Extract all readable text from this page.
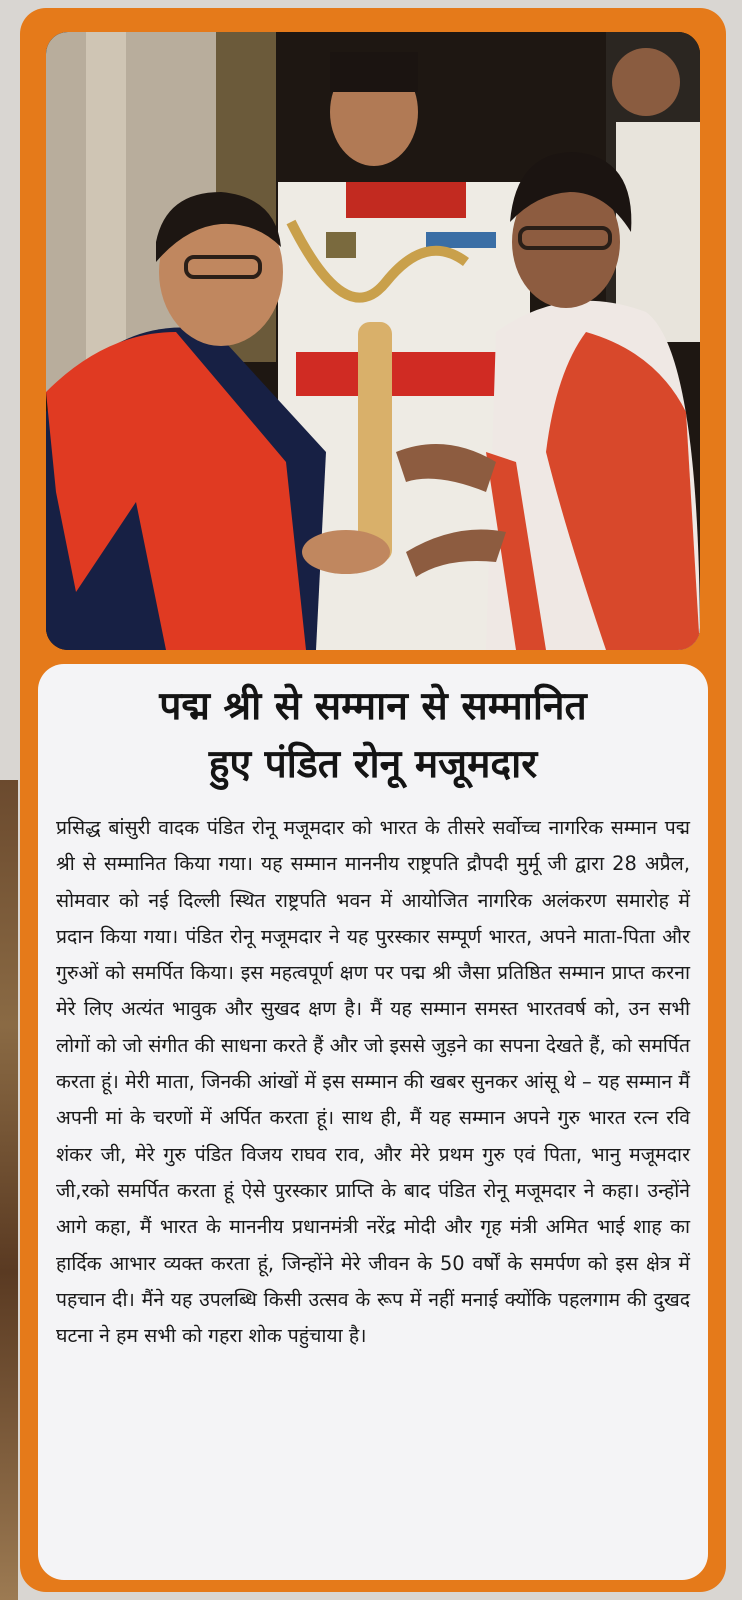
पद्म श्री से सम्मान से सम्मानित
हुए पंडित रोनू मजूमदार

प्रसिद्ध बांसुरी वादक पंडित रोनू मजूमदार को भारत के तीसरे सर्वोच्च नागरिक सम्मान पद्म श्री से सम्मानित किया गया। यह सम्मान माननीय राष्ट्रपति द्रौपदी मुर्मू जी द्वारा 28 अप्रैल, सोमवार को नई दिल्ली स्थित राष्ट्रपति भवन में आयोजित नागरिक अलंकरण समारोह में प्रदान किया गया। पंडित रोनू मजूमदार ने यह पुरस्कार सम्पूर्ण भारत, अपने माता-पिता और गुरुओं को समर्पित किया। इस महत्वपूर्ण क्षण पर पद्म श्री जैसा प्रतिष्ठित सम्मान प्राप्त करना मेरे लिए अत्यंत भावुक और सुखद क्षण है। मैं यह सम्मान समस्त भारतवर्ष को, उन सभी लोगों को जो संगीत की साधना करते हैं और जो इससे जुड़ने का सपना देखते हैं, को समर्पित करता हूं। मेरी माता, जिनकी आंखों में इस सम्मान की खबर सुनकर आंसू थे – यह सम्मान मैं अपनी मां के चरणों में अर्पित करता हूं। साथ ही, मैं यह सम्मान अपने गुरु भारत रत्न रवि शंकर जी, मेरे गुरु पंडित विजय राघव राव, और मेरे प्रथम गुरु एवं पिता, भानु मजूमदार जी,रको समर्पित करता हूं ऐसे पुरस्कार प्राप्ति के बाद पंडित रोनू मजूमदार ने कहा। उन्होंने आगे कहा, मैं भारत के माननीय प्रधानमंत्री नरेंद्र मोदी और गृह मंत्री अमित भाई शाह का हार्दिक आभार व्यक्त करता हूं, जिन्होंने मेरे जीवन के 50 वर्षों के समर्पण को इस क्षेत्र में पहचान दी। मैंने यह उपलब्धि किसी उत्सव के रूप में नहीं मनाई क्योंकि पहलगाम की दुखद घटना ने हम सभी को गहरा शोक पहुंचाया है।
